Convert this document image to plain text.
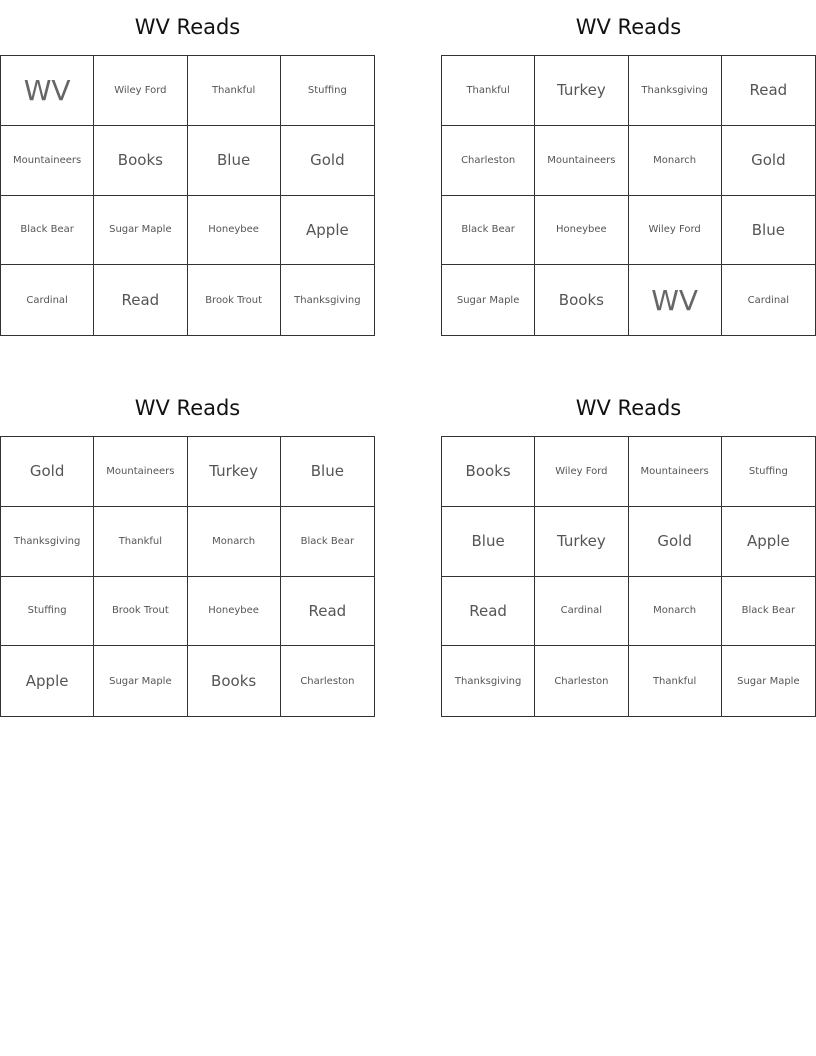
WV Reads
WV	Wiley Ford	Thankful	Stuffing
Mountaineers	Books	Blue	Gold
Black Bear	Sugar Maple	Honeybee	Apple
Cardinal	Read	Brook Trout	Thanksgiving
WV Reads
Thankful	Turkey	Thanksgiving	Read
Charleston	Mountaineers	Monarch	Gold
Black Bear	Honeybee	Wiley Ford	Blue
Sugar Maple	Books	WV	Cardinal
WV Reads
Gold	Mountaineers	Turkey	Blue
Thanksgiving	Thankful	Monarch	Black Bear
Stuffing	Brook Trout	Honeybee	Read
Apple	Sugar Maple	Books	Charleston
WV Reads
Books	Wiley Ford	Mountaineers	Stuffing
Blue	Turkey	Gold	Apple
Read	Cardinal	Monarch	Black Bear
Thanksgiving	Charleston	Thankful	Sugar Maple
